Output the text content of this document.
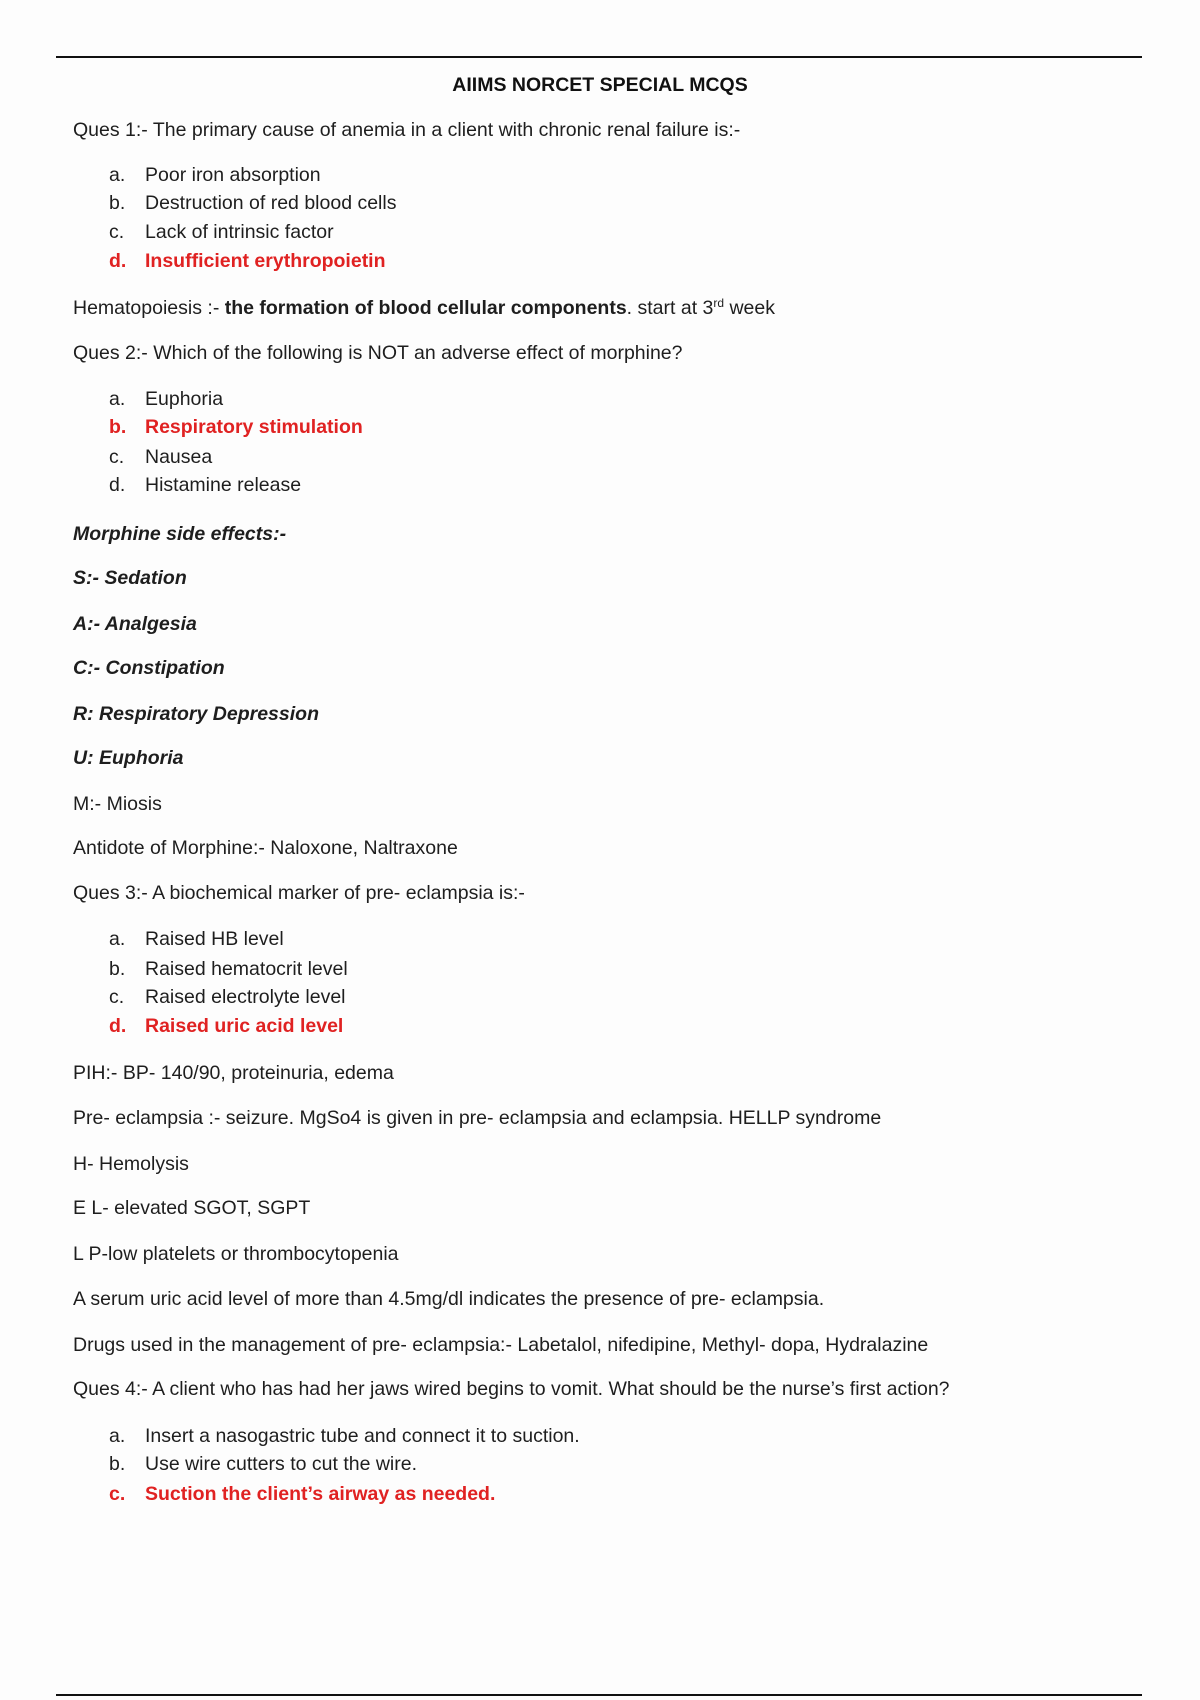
AIIMS NORCET SPECIAL MCQS
Ques 1:- The primary cause of anemia in a client with chronic renal failure is:-
a. Poor iron absorption
b. Destruction of red blood cells
c. Lack of intrinsic factor
d. Insufficient erythropoietin
Hematopoiesis :- the formation of blood cellular components. start at 3rd week
Ques 2:- Which of the following is NOT an adverse effect of morphine?
a. Euphoria
b. Respiratory stimulation
c. Nausea
d. Histamine release
Morphine side effects:-
S:- Sedation
A:- Analgesia
C:- Constipation
R: Respiratory Depression
U: Euphoria
M:- Miosis
Antidote of Morphine:- Naloxone, Naltraxone
Ques 3:- A biochemical marker of pre- eclampsia is:-
a. Raised HB level
b. Raised hematocrit level
c. Raised electrolyte level
d. Raised uric acid level
PIH:- BP- 140/90, proteinuria, edema
Pre- eclampsia :- seizure. MgSo4 is given in pre- eclampsia and eclampsia. HELLP syndrome
H- Hemolysis
E L- elevated SGOT, SGPT
L P-low platelets or thrombocytopenia
A serum uric acid level of more than 4.5mg/dl indicates the presence of pre- eclampsia.
Drugs used in the management of pre- eclampsia:- Labetalol, nifedipine, Methyl- dopa, Hydralazine
Ques 4:- A client who has had her jaws wired begins to vomit. What should be the nurse’s first action?
a. Insert a nasogastric tube and connect it to suction.
b. Use wire cutters to cut the wire.
c. Suction the client’s airway as needed.
